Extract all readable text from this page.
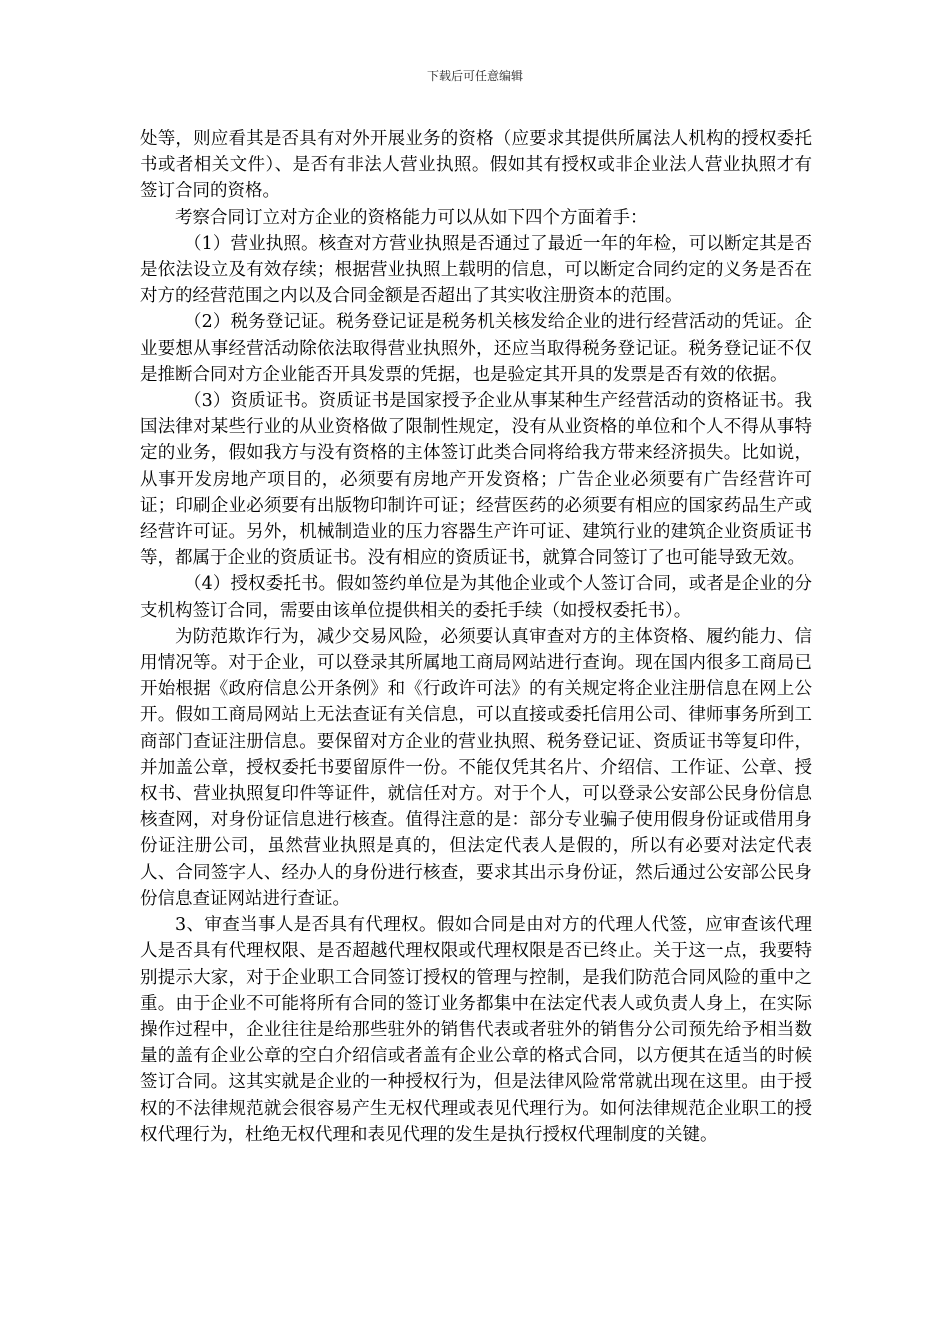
下载后可任意编辑

处等，则应看其是否具有对外开展业务的资格（应要求其提供所属法人机构的授权委托书或者相关文件）、是否有非法人营业执照。假如其有授权或非企业法人营业执照才有签订合同的资格。

考察合同订立对方企业的资格能力可以从如下四个方面着手：

（1）营业执照。核查对方营业执照是否通过了最近一年的年检，可以断定其是否是依法设立及有效存续；根据营业执照上载明的信息，可以断定合同约定的义务是否在对方的经营范围之内以及合同金额是否超出了其实收注册资本的范围。

（2）税务登记证。税务登记证是税务机关核发给企业的进行经营活动的凭证。企业要想从事经营活动除依法取得营业执照外，还应当取得税务登记证。税务登记证不仅是推断合同对方企业能否开具发票的凭据，也是验定其开具的发票是否有效的依据。

（3）资质证书。资质证书是国家授予企业从事某种生产经营活动的资格证书。我国法律对某些行业的从业资格做了限制性规定，没有从业资格的单位和个人不得从事特定的业务，假如我方与没有资格的主体签订此类合同将给我方带来经济损失。比如说，从事开发房地产项目的，必须要有房地产开发资格；广告企业必须要有广告经营许可证；印刷企业必须要有出版物印制许可证；经营医药的必须要有相应的国家药品生产或经营许可证。另外，机械制造业的压力容器生产许可证、建筑行业的建筑企业资质证书等，都属于企业的资质证书。没有相应的资质证书，就算合同签订了也可能导致无效。

（4）授权委托书。假如签约单位是为其他企业或个人签订合同，或者是企业的分支机构签订合同，需要由该单位提供相关的委托手续（如授权委托书）。

为防范欺诈行为，减少交易风险，必须要认真审查对方的主体资格、履约能力、信用情况等。对于企业，可以登录其所属地工商局网站进行查询。现在国内很多工商局已开始根据《政府信息公开条例》和《行政许可法》的有关规定将企业注册信息在网上公开。假如工商局网站上无法查证有关信息，可以直接或委托信用公司、律师事务所到工商部门查证注册信息。要保留对方企业的营业执照、税务登记证、资质证书等复印件，并加盖公章，授权委托书要留原件一份。不能仅凭其名片、介绍信、工作证、公章、授权书、营业执照复印件等证件，就信任对方。对于个人，可以登录公安部公民身份信息核查网，对身份证信息进行核查。值得注意的是：部分专业骗子使用假身份证或借用身份证注册公司，虽然营业执照是真的，但法定代表人是假的，所以有必要对法定代表人、合同签字人、经办人的身份进行核查，要求其出示身份证，然后通过公安部公民身份信息查证网站进行查证。

3、审查当事人是否具有代理权。假如合同是由对方的代理人代签，应审查该代理人是否具有代理权限、是否超越代理权限或代理权限是否已终止。关于这一点，我要特别提示大家，对于企业职工合同签订授权的管理与控制，是我们防范合同风险的重中之重。由于企业不可能将所有合同的签订业务都集中在法定代表人或负责人身上，在实际操作过程中，企业往往是给那些驻外的销售代表或者驻外的销售分公司预先给予相当数量的盖有企业公章的空白介绍信或者盖有企业公章的格式合同，以方便其在适当的时候签订合同。这其实就是企业的一种授权行为，但是法律风险常常就出现在这里。由于授权的不法律规范就会很容易产生无权代理或表见代理行为。如何法律规范企业职工的授权代理行为，杜绝无权代理和表见代理的发生是执行授权代理制度的关键。
